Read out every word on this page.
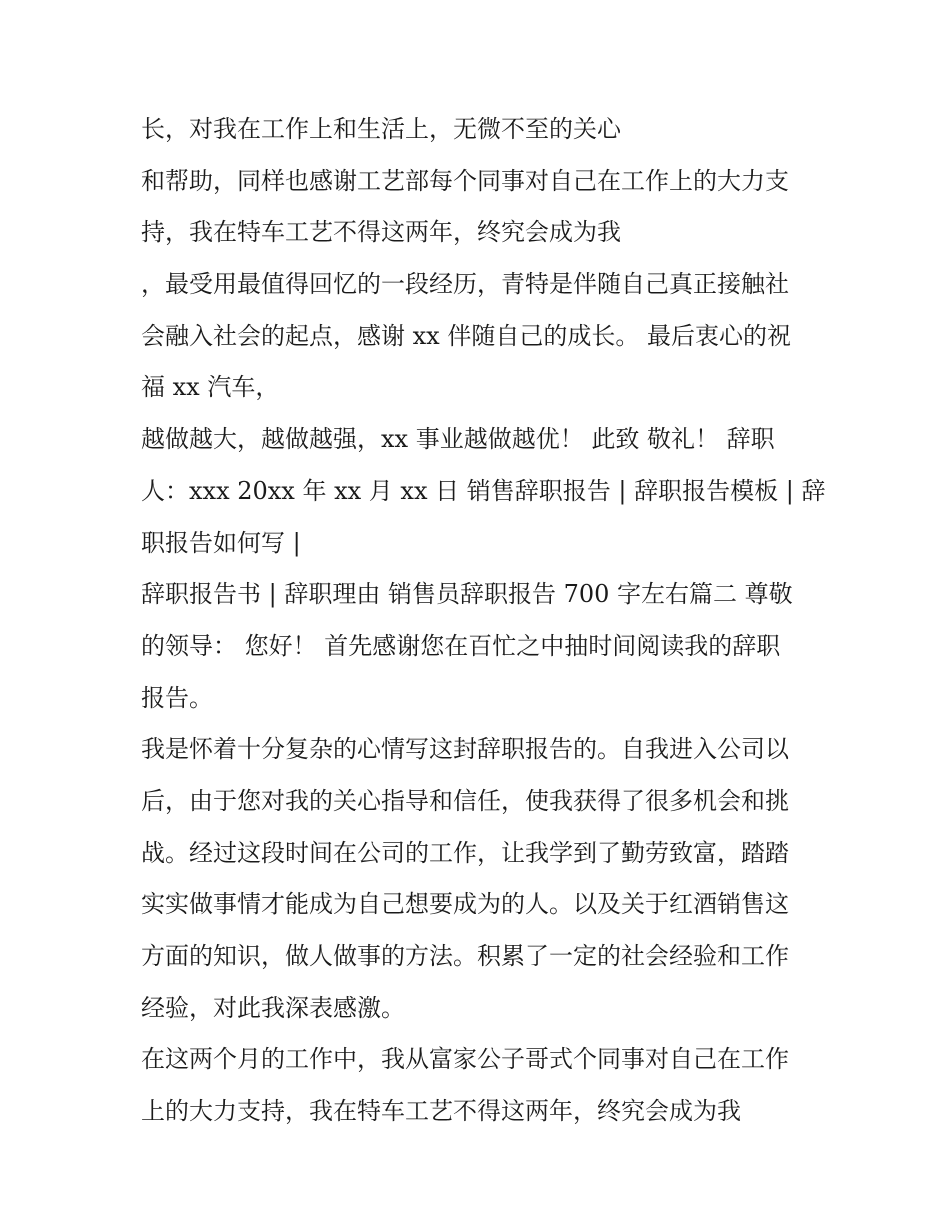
长，对我在工作上和生活上，无微不至的关心
和帮助，同样也感谢工艺部每个同事对自己在工作上的大力支
持，我在特车工艺不得这两年，终究会成为我
，最受用最值得回忆的一段经历，青特是伴随自己真正接触社
会融入社会的起点，感谢 xx 伴随自己的成长。 最后衷心的祝
福 xx 汽车，
越做越大，越做越强，xx 事业越做越优！ 此致 敬礼！ 辞职
人：xxx 20xx 年 xx 月 xx 日 销售辞职报告 | 辞职报告模板 | 辞
职报告如何写 |
辞职报告书 | 辞职理由 销售员辞职报告 700 字左右篇二 尊敬
的领导： 您好！ 首先感谢您在百忙之中抽时间阅读我的辞职
报告。
我是怀着十分复杂的心情写这封辞职报告的。自我进入公司以
后，由于您对我的关心指导和信任，使我获得了很多机会和挑
战。经过这段时间在公司的工作，让我学到了勤劳致富，踏踏
实实做事情才能成为自己想要成为的人。以及关于红酒销售这
方面的知识，做人做事的方法。积累了一定的社会经验和工作
经验，对此我深表感激。
在这两个月的工作中，我从富家公子哥式个同事对自己在工作
上的大力支持，我在特车工艺不得这两年，终究会成为我
